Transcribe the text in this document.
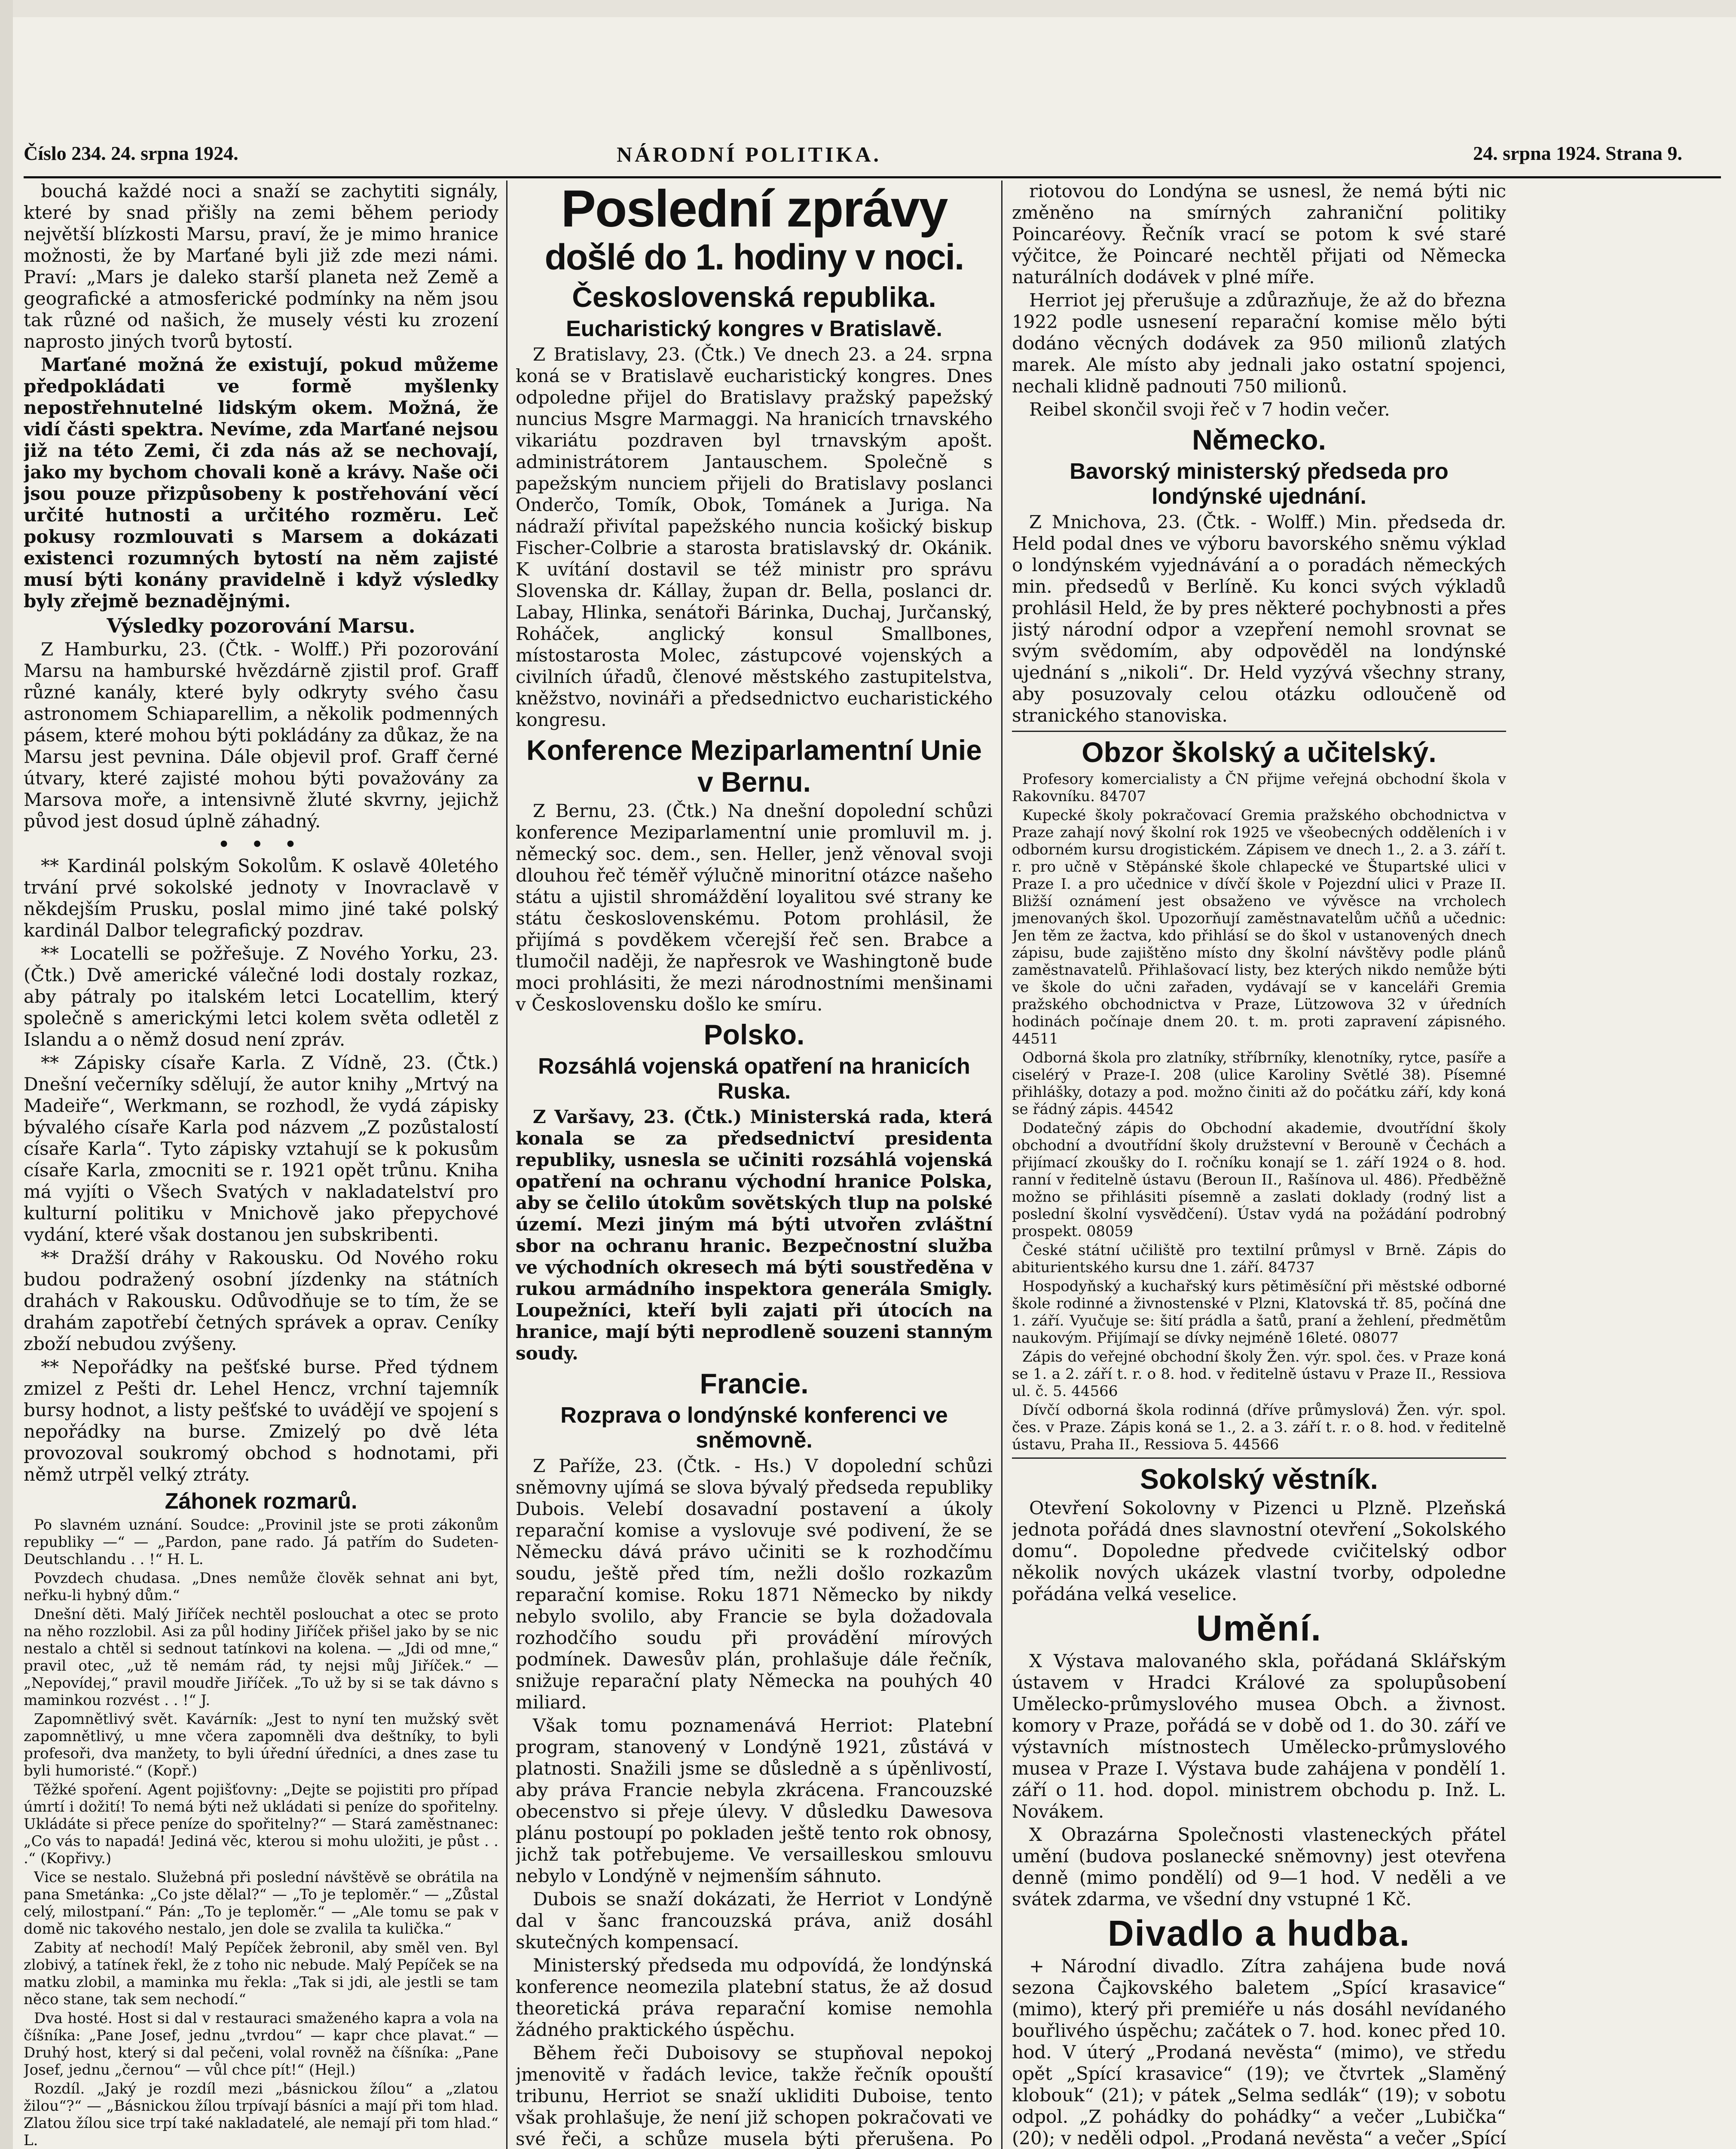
Číslo 234. 24. srpna 1924.	NÁRODNÍ POLITIKA.	24. srpna 1924. Strana 9.

bouchá každé noci a snaží se zachytiti signály, které by snad přišly na zemi během periody největší blízkosti Marsu, praví, že je mimo hranice možnosti, že by Marťané byli již zde mezi námi. Praví: „Mars je daleko starší planeta než Země a geografické a atmosferické podmínky na něm jsou tak různé od našich, že musely vésti ku zrození naprosto jiných tvorů bytostí.

Marťané možná že existují, pokud můžeme předpokládati ve formě myšlenky nepostřehnutelné lidským okem. Možná, že vidí části spektra. Nevíme, zda Marťané nejsou již na této Zemi, či zda nás až se nechovají, jako my bychom chovali koně a krávy. Naše oči jsou pouze přizpůsobeny k postřehování věcí určité hutnosti a určitého rozměru. Leč pokusy rozmlouvati s Marsem a dokázati existenci rozumných bytostí na něm zajisté musí býti konány pravidelně i když výsledky byly zřejmě beznadějnými.

Výsledky pozorování Marsu.

Z Hamburku, 23. (Čtk. - Wolff.) Při pozorování Marsu na hamburské hvězdárně zjistil prof. Graff různé kanály, které byly odkryty svého času astronomem Schiaparellim, a několik podmenných pásem, které mohou býti pokládány za důkaz, že na Marsu jest pevnina. Dále objevil prof. Graff černé útvary, které zajisté mohou býti považovány za Marsova moře, a intensivně žluté skvrny, jejichž původ jest dosud úplně záhadný.

• • •

** Kardinál polským Sokolům. K oslavě 40letého trvání prvé sokolské jednoty v Inovraclavě v někdejším Prusku, poslal mimo jiné také polský kardinál Dalbor telegrafický pozdrav.

** Locatelli se požřešuje. Z Nového Yorku, 23. (Čtk.) Dvě americké válečné lodi dostaly rozkaz, aby pátraly po italském letci Locatellim, který společně s americkými letci kolem světa odletěl z Islandu a o němž dosud není zpráv.

** Zápisky císaře Karla. Z Vídně, 23. (Čtk.) Dnešní večerníky sdělují, že autor knihy „Mrtvý na Madeiře“, Werkmann, se rozhodl, že vydá zápisky bývalého císaře Karla pod názvem „Z pozůstalostí císaře Karla“. Tyto zápisky vztahují se k pokusům císaře Karla, zmocniti se r. 1921 opět trůnu. Kniha má vyjíti o Všech Svatých v nakladatelství pro kulturní politiku v Mnichově jako přepychové vydání, které však dostanou jen subskribenti.

** Dražší dráhy v Rakousku. Od Nového roku budou podražený osobní jízdenky na státních drahách v Rakousku. Odůvodňuje se to tím, že se drahám zapotřebí četných správek a oprav. Ceníky zboží nebudou zvýšeny.

** Nepořádky na pešťské burse. Před týdnem zmizel z Pešti dr. Lehel Hencz, vrchní tajemník bursy hodnot, a listy pešťské to uvádějí ve spojení s nepořádky na burse. Zmizelý po dvě léta provozoval soukromý obchod s hodnotami, při němž utrpěl velký ztráty.

Záhonek rozmarů.

Po slavném uznání. Soudce: „Provinil jste se proti zákonům republiky —“ — „Pardon, pane rado. Já patřím do Sudeten-Deutschlandu . . !“ H. L.

Povzdech chudasa. „Dnes nemůže člověk sehnat ani byt, neřku-li hybný dům.“

Dnešní děti. Malý Jiříček nechtěl poslouchat a otec se proto na něho rozzlobil. Asi za půl hodiny Jiříček přišel jako by se nic nestalo a chtěl si sednout tatínkovi na kolena. — „Jdi od mne,“ pravil otec, „už tě nemám rád, ty nejsi můj Jiříček.“ — „Nepovídej,“ pravil moudře Jiříček. „To už by si se tak dávno s maminkou rozvést . . !“ J.

Zapomnětlivý svět. Kavárník: „Jest to nyní ten mužský svět zapomnětlivý, u mne včera zapomněli dva deštníky, to byli profesoři, dva manžety, to byli úřední úředníci, a dnes zase tu byli humoristé.“ (Kopř.)

Těžké spoření. Agent pojišťovny: „Dejte se pojistiti pro případ úmrtí i dožití! To nemá býti než ukládati si peníze do spořitelny. Ukládáte si přece peníze do spořitelny?“ — Stará zaměstnanec: „Co vás to napadá! Jediná věc, kterou si mohu uložiti, je půst . . .“ (Kopřivy.)

Vice se nestalo. Služebná při poslední návštěvě se obrátila na pana Smetánka: „Co jste dělal?“ — „To je teploměr.“ — „Zůstal celý, milostpaní.“ Pán: „To je teploměr.“ — „Ale tomu se pak v domě nic takového nestalo, jen dole se zvalila ta kulička.“

Zabity ať nechodí! Malý Pepíček žebronil, aby směl ven. Byl zlobivý, a tatínek řekl, že z toho nic nebude. Malý Pepíček se na matku zlobil, a maminka mu řekla: „Tak si jdi, ale jestli se tam něco stane, tak sem nechodí.“

Dva hosté. Host si dal v restauraci smaženého kapra a vola na číšníka: „Pane Josef, jednu „tvrdou“ — kapr chce plavat.“ — Druhý host, který si dal pečeni, volal rovněž na číšníka: „Pane Josef, jednu „černou“ — vůl chce pít!“ (Hejl.)

Rozdíl. „Jaký je rozdíl mezi „básnickou žílou“ a „zlatou žilou“?“ — „Básnickou žílou trpívají básníci a mají při tom hlad. Zlatou žílou sice trpí také nakladatelé, ale nemají při tom hlad.“ L.

Poslední zprávy
došlé do 1. hodiny v noci.
Československá republika.
Eucharistický kongres v Bratislavě.

Z Bratislavy, 23. (Čtk.) Ve dnech 23. a 24. srpna koná se v Bratislavě eucharistický kongres. Dnes odpoledne přijel do Bratislavy pražský papežský nuncius Msgre Marmaggi. Na hranicích trnavského vikariátu pozdraven byl trnavským apošt. administrátorem Jantauschem. Společně s papežským nunciem přijeli do Bratislavy poslanci Onderčo, Tomík, Obok, Tománek a Juriga. Na nádraží přivítal papežského nuncia košický biskup Fischer-Colbrie a starosta bratislavský dr. Okánik. K uvítání dostavil se též ministr pro správu Slovenska dr. Kállay, župan dr. Bella, poslanci dr. Labay, Hlinka, senátoři Bárinka, Duchaj, Jurčanský, Roháček, anglický konsul Smallbones, místostarosta Molec, zástupcové vojenských a civilních úřadů, členové městského zastupitelstva, kněžstvo, novináři a předsednictvo eucharistického kongresu.

Konference Meziparlamentní Unie v Bernu.

Z Bernu, 23. (Čtk.) Na dnešní dopolední schůzi konference Meziparlamentní unie promluvil m. j. německý soc. dem., sen. Heller, jenž věnoval svoji dlouhou řeč téměř výlučně minoritní otázce našeho státu a ujistil shromáždění loyalitou své strany ke státu československému. Potom prohlásil, že přijímá s povděkem včerejší řeč sen. Brabce a tlumočil naději, že napřesrok ve Washingtoně bude moci prohlásiti, že mezi národnostními menšinami v Československu došlo ke smíru.

Polsko.
Rozsáhlá vojenská opatření na hranicích Ruska.

Z Varšavy, 23. (Čtk.) Ministerská rada, která konala se za předsednictví presidenta republiky, usnesla se učiniti rozsáhlá vojenská opatření na ochranu východní hranice Polska, aby se čelilo útokům sovětských tlup na polské území. Mezi jiným má býti utvořen zvláštní sbor na ochranu hranic. Bezpečnostní služba ve východních okresech má býti soustředěna v rukou armádního inspektora generála Smigly. Loupežníci, kteří byli zajati při útocích na hranice, mají býti neprodleně souzeni stanným soudy.

Francie.
Rozprava o londýnské konferenci ve sněmovně.

Z Paříže, 23. (Čtk. - Hs.) V dopolední schůzi sněmovny ujímá se slova bývalý předseda republiky Dubois. Velebí dosavadní postavení a úkoly reparační komise a vyslovuje své podivení, že se Německu dává právo učiniti se k rozhodčímu soudu, ještě před tím, nežli došlo rozkazům reparační komise. Roku 1871 Německo by nikdy nebylo svolilo, aby Francie se byla dožadovala rozhodčího soudu při provádění mírových podmínek. Dawesův plán, prohlašuje dále řečník, snižuje reparační platy Německa na pouhých 40 miliard.

Však tomu poznamenává Herriot: Platební program, stanovený v Londýně 1921, zůstává v platnosti. Snažili jsme se důsledně a s úpěnlivostí, aby práva Francie nebyla zkrácena. Francouzské obecenstvo si přeje úlevy. V důsledku Dawesova plánu postoupí po pokladen ještě tento rok obnosy, jichž tak potřebujeme. Ve versailleskou smlouvu nebylo v Londýně v nejmenším sáhnuto.

Dubois se snaží dokázati, že Herriot v Londýně dal v šanc francouzská práva, aniž dosáhl skutečných kompensací.

Ministerský předseda mu odpovídá, že londýnská konference neomezila platební status, že až dosud theoretická práva reparační komise nemohla žádného praktického úspěchu.

Během řeči Duboisovy se stupňoval nepokoj jmenovitě v řadách levice, takže řečník opouští tribunu, Herriot se snaží ukliditi Duboise, tento však prohlašuje, že není již schopen pokračovati ve své řeči, a schůze musela býti přerušena. Po

riotovou do Londýna se usnesl, že nemá býti nic změněno na smírných zahraniční politiky Poincaréovy. Řečník vrací se potom k své staré výčitce, že Poincaré nechtěl přijati od Německa naturálních dodávek v plné míře.

Herriot jej přerušuje a zdůrazňuje, že až do března 1922 podle usnesení reparační komise mělo býti dodáno věcných dodávek za 950 milionů zlatých marek. Ale místo aby jednali jako ostatní spojenci, nechali klidně padnouti 750 milionů.

Reibel skončil svoji řeč v 7 hodin večer.

Německo.
Bavorský ministerský předseda pro londýnské ujednání.

Z Mnichova, 23. (Čtk. - Wolff.) Min. předseda dr. Held podal dnes ve výboru bavorského sněmu výklad o londýnském vyjednávání a o poradách německých min. předsedů v Berlíně. Ku konci svých výkladů prohlásil Held, že by pres některé pochybnosti a přes jistý národní odpor a vzepření nemohl srovnat se svým svědomím, aby odpověděl na londýnské ujednání s „nikoli“. Dr. Held vyzývá všechny strany, aby posuzovaly celou otázku odloučeně od stranického stanoviska.

Obzor školský a učitelský.

Profesory komercialisty a ČN přijme veřejná obchodní škola v Rakovníku. 84707

Kupecké školy pokračovací Gremia pražského obchodnictva v Praze zahají nový školní rok 1925 ve všeobecných odděleních i v odborném kursu drogistickém. Zápisem ve dnech 1., 2. a 3. září t. r. pro učně v Stěpánské škole chlapecké ve Štupartské ulici v Praze I. a pro učednice v dívčí škole v Pojezdní ulici v Praze II. Bližší oznámení jest obsaženo ve vývěsce na vrcholech jmenovaných škol. Upozorňují zaměstnavatelům učňů a učednic: Jen těm ze žactva, kdo přihlásí se do škol v ustanovených dnech zápisu, bude zajištěno místo dny školní návštěvy podle plánů zaměstnavatelů. Přihlašovací listy, bez kterých nikdo nemůže býti ve škole do učni zařaden, vydávají se v kanceláři Gremia pražského obchodnictva v Praze, Lützowova 32 v úředních hodinách počínaje dnem 20. t. m. proti zapravení zápisného. 44511

Odborná škola pro zlatníky, stříbrníky, klenotníky, rytce, pasíře a ciselérý v Praze-I. 208 (ulice Karoliny Světlé 38). Písemné přihlášky, dotazy a pod. možno činiti až do počátku září, kdy koná se řádný zápis. 44542

Dodatečný zápis do Obchodní akademie, dvoutřídní školy obchodní a dvoutřídní školy družstevní v Berouně v Čechách a přijímací zkoušky do I. ročníku konají se 1. září 1924 o 8. hod. ranní v ředitelně ústavu (Beroun II., Rašínova ul. 486). Předběžně možno se přihlásiti písemně a zaslati doklady (rodný list a poslední školní vysvědčení). Ústav vydá na požádání podrobný prospekt. 08059

České státní učiliště pro textilní průmysl v Brně. Zápis do abiturientského kursu dne 1. září. 84737

Hospodyňský a kuchařský kurs pětiměsíční při městské odborné škole rodinné a živnostenské v Plzni, Klatovská tř. 85, počíná dne 1. září. Vyučuje se: šití prádla a šatů, praní a žehlení, předmětům naukovým. Přijímají se dívky nejméně 16leté. 08077

Zápis do veřejné obchodní školy Žen. výr. spol. čes. v Praze koná se 1. a 2. září t. r. o 8. hod. v ředitelně ústavu v Praze II., Ressiova ul. č. 5. 44566

Dívčí odborná škola rodinná (dříve průmyslová) Žen. výr. spol. čes. v Praze. Zápis koná se 1., 2. a 3. září t. r. o 8. hod. v ředitelně ústavu, Praha II., Ressiova 5. 44566

Sokolský věstník.

Otevření Sokolovny v Pizenci u Plzně. Plzeňská jednota pořádá dnes slavnostní otevření „Sokolského domu“. Dopoledne předvede cvičitelský odbor několik nových ukázek vlastní tvorby, odpoledne pořádána velká veselice.

Umění.

X Výstava malovaného skla, pořádaná Sklářským ústavem v Hradci Králové za spolupůsobení Umělecko-průmyslového musea Obch. a živnost. komory v Praze, pořádá se v době od 1. do 30. září ve výstavních místnostech Umělecko-průmyslového musea v Praze I. Výstava bude zahájena v pondělí 1. září o 11. hod. dopol. ministrem obchodu p. Inž. L. Novákem.

X Obrazárna Společnosti vlasteneckých přátel umění (budova poslanecké sněmovny) jest otevřena denně (mimo pondělí) od 9—1 hod. V neděli a ve svátek zdarma, ve všední dny vstupné 1 Kč.

Divadlo a hudba.

+ Národní divadlo. Zítra zahájena bude nová sezona Čajkovského baletem „Spící krasavice“ (mimo), který při premiéře u nás dosáhl nevídaného bouřlivého úspěchu; začátek o 7. hod. konec před 10. hod. V úterý „Prodaná nevěsta“ (mimo), ve středu opět „Spící krasavice“ (19); ve čtvrtek „Slaměný klobouk“ (21); v pátek „Selma sedlák“ (19); v sobotu odpol. „Z pohádky do pohádky“ a večer „Lubička“ (20); v neděli odpol. „Prodaná nevěsta“ a večer „Spící
